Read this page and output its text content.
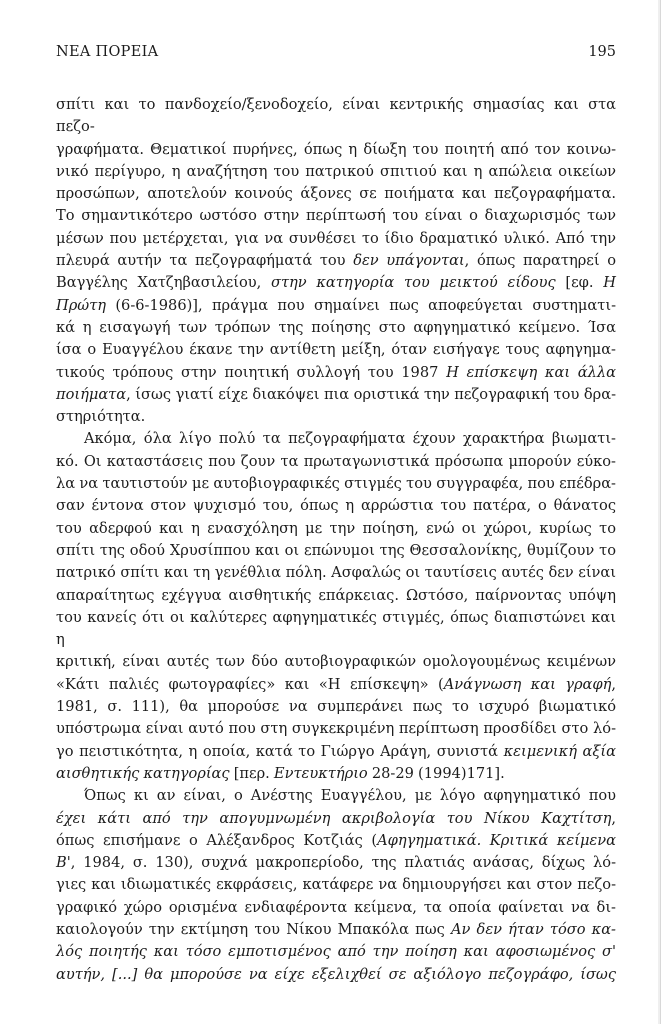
ΝΕΑ ΠΟΡΕΙΑ	195

σπίτι και το πανδοχείο/ξενοδοχείο, είναι κεντρικής σημασίας και στα πεζο-

γραφήματα. Θεματικοί πυρήνες, όπως η δίωξη του ποιητή από τον κοινω-

νικό περίγυρο, η αναζήτηση του πατρικού σπιτιού και η απώλεια οικείων

προσώπων, αποτελούν κοινούς άξονες σε ποιήματα και πεζογραφήματα.

Το σημαντικότερο ωστόσο στην περίπτωσή του είναι ο διαχωρισμός των

μέσων που μετέρχεται, για να συνθέσει το ίδιο δραματικό υλικό. Από την

πλευρά αυτήν τα πεζογραφήματά του δεν υπάγονται, όπως παρατηρεί ο

Βαγγέλης Χατζηβασιλείου, στην κατηγορία του μεικτού είδους [εφ. Η

Πρώτη (6-6-1986)], πράγμα που σημαίνει πως αποφεύγεται συστηματι-

κά η εισαγωγή των τρόπων της ποίησης στο αφηγηματικό κείμενο. Ίσα

ίσα ο Ευαγγέλου έκανε την αντίθετη μείξη, όταν εισήγαγε τους αφηγημα-

τικούς τρόπους στην ποιητική συλλογή του 1987 Η επίσκεψη και άλλα

ποιήματα, ίσως γιατί είχε διακόψει πια οριστικά την πεζογραφική του δρα-

στηριότητα.

Ακόμα, όλα λίγο πολύ τα πεζογραφήματα έχουν χαρακτήρα βιωματι-

κό. Οι καταστάσεις που ζουν τα πρωταγωνιστικά πρόσωπα μπορούν εύκο-

λα να ταυτιστούν με αυτοβιογραφικές στιγμές του συγγραφέα, που επέδρα-

σαν έντονα στον ψυχισμό του, όπως η αρρώστια του πατέρα, ο θάνατος

του αδερφού και η ενασχόληση με την ποίηση, ενώ οι χώροι, κυρίως το

σπίτι της οδού Χρυσίππου και οι επώνυμοι της Θεσσαλονίκης, θυμίζουν το

πατρικό σπίτι και τη γενέθλια πόλη. Ασφαλώς οι ταυτίσεις αυτές δεν είναι

απαραίτητως εχέγγυα αισθητικής επάρκειας. Ωστόσο, παίρνοντας υπόψη

του κανείς ότι οι καλύτερες αφηγηματικές στιγμές, όπως διαπιστώνει και η

κριτική, είναι αυτές των δύο αυτοβιογραφικών ομολογουμένως κειμένων

«Κάτι παλιές φωτογραφίες» και «Η επίσκεψη» (Ανάγνωση και γραφή,

1981, σ. 111), θα μπορούσε να συμπεράνει πως το ισχυρό βιωματικό

υπόστρωμα είναι αυτό που στη συγκεκριμένη περίπτωση προσδίδει στο λό-

γο πειστικότητα, η οποία, κατά το Γιώργο Αράγη, συνιστά κειμενική αξία

αισθητικής κατηγορίας [περ. Εντευκτήριο 28-29 (1994)171].

Όπως κι αν είναι, ο Ανέστης Ευαγγέλου, με λόγο αφηγηματικό που

έχει κάτι από την απογυμνωμένη ακριβολογία του Νίκου Καχτίτση,

όπως επισήμανε ο Αλέξανδρος Κοτζιάς (Αφηγηματικά. Κριτικά κείμενα

Β', 1984, σ. 130), συχνά μακροπερίοδο, της πλατιάς ανάσας, δίχως λό-

γιες και ιδιωματικές εκφράσεις, κατάφερε να δημιουργήσει και στον πεζο-

γραφικό χώρο ορισμένα ενδιαφέροντα κείμενα, τα οποία φαίνεται να δι-

καιολογούν την εκτίμηση του Νίκου Μπακόλα πως Αν δεν ήταν τόσο κα-

λός ποιητής και τόσο εμποτισμένος από την ποίηση και αφοσιωμένος σ'

αυτήν, [...] θα μπορούσε να είχε εξελιχθεί σε αξιόλογο πεζογράφο, ίσως
